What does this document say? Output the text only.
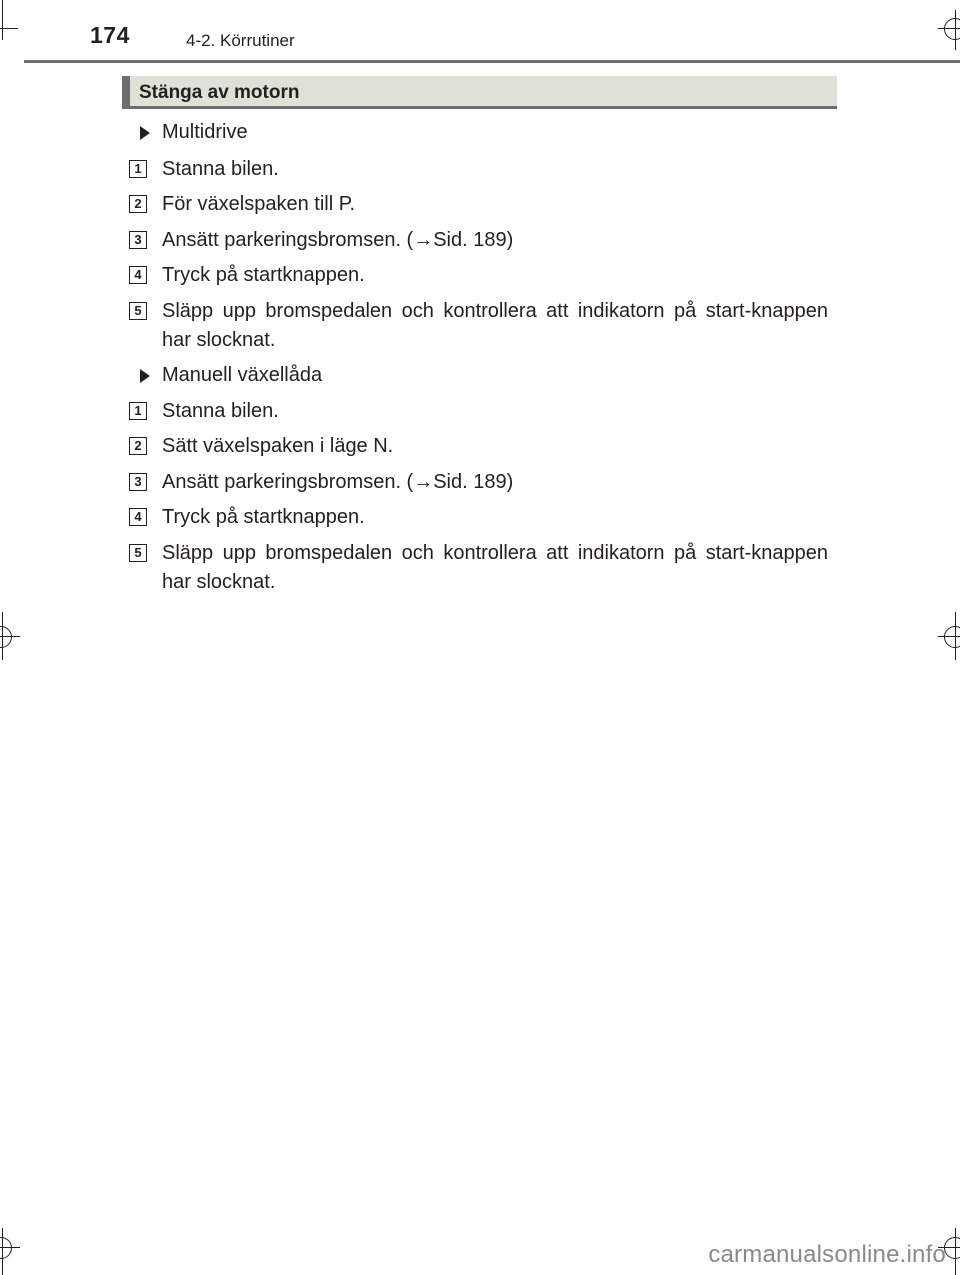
174	4-2. Körrutiner
Stänga av motorn
Multidrive
1 Stanna bilen.
2 För växelspaken till P.
3 Ansätt parkeringsbromsen. (→Sid. 189)
4 Tryck på startknappen.
5 Släpp upp bromspedalen och kontrollera att indikatorn på start-knappen har slocknat.
Manuell växellåda
1 Stanna bilen.
2 Sätt växelspaken i läge N.
3 Ansätt parkeringsbromsen. (→Sid. 189)
4 Tryck på startknappen.
5 Släpp upp bromspedalen och kontrollera att indikatorn på start-knappen har slocknat.
carmanualsonline.info
